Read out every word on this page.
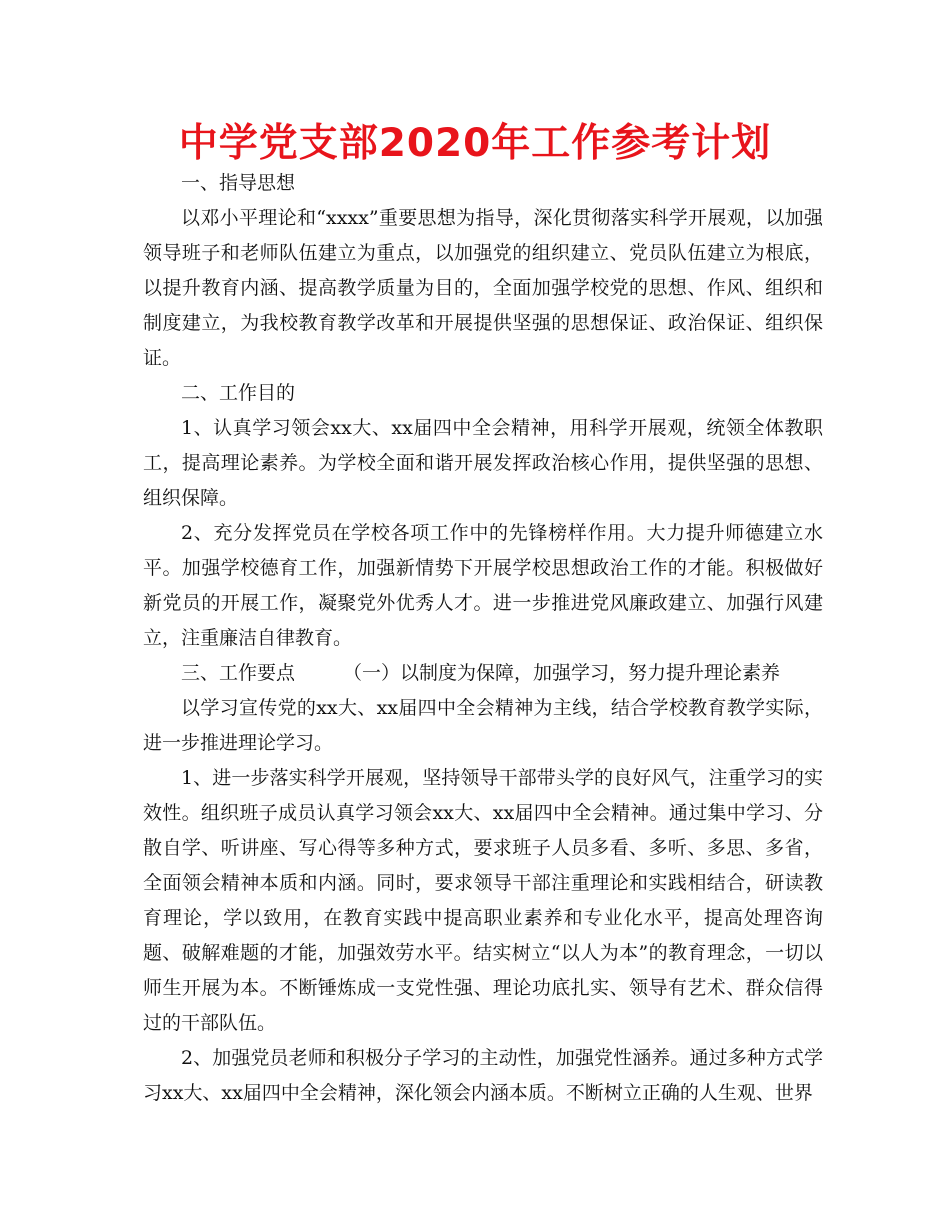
中学党支部2020年工作参考计划

一、指导思想

以邓小平理论和“xxxx”重要思想为指导，深化贯彻落实科学开展观，以加强领导班子和老师队伍建立为重点，以加强党的组织建立、党员队伍建立为根底，以提升教育内涵、提高教学质量为目的，全面加强学校党的思想、作风、组织和制度建立，为我校教育教学改革和开展提供坚强的思想保证、政治保证、组织保证。

二、工作目的

1、认真学习领会xx大、xx届四中全会精神，用科学开展观，统领全体教职工，提高理论素养。为学校全面和谐开展发挥政治核心作用，提供坚强的思想、组织保障。

2、充分发挥党员在学校各项工作中的先锋榜样作用。大力提升师德建立水平。加强学校德育工作，加强新情势下开展学校思想政治工作的才能。积极做好新党员的开展工作，凝聚党外优秀人才。进一步推进党风廉政建立、加强行风建立，注重廉洁自律教育。

三、工作要点	（一）以制度为保障，加强学习，努力提升理论素养

以学习宣传党的xx大、xx届四中全会精神为主线，结合学校教育教学实际，进一步推进理论学习。

1、进一步落实科学开展观，坚持领导干部带头学的良好风气，注重学习的实效性。组织班子成员认真学习领会xx大、xx届四中全会精神。通过集中学习、分散自学、听讲座、写心得等多种方式，要求班子人员多看、多听、多思、多省，全面领会精神本质和内涵。同时，要求领导干部注重理论和实践相结合，研读教育理论，学以致用，在教育实践中提高职业素养和专业化水平，提高处理咨询题、破解难题的才能，加强效劳水平。结实树立“以人为本”的教育理念，一切以师生开展为本。不断锤炼成一支党性强、理论功底扎实、领导有艺术、群众信得过的干部队伍。

2、加强党员老师和积极分子学习的主动性，加强党性涵养。通过多种方式学习xx大、xx届四中全会精神，深化领会内涵本质。不断树立正确的人生观、世界
